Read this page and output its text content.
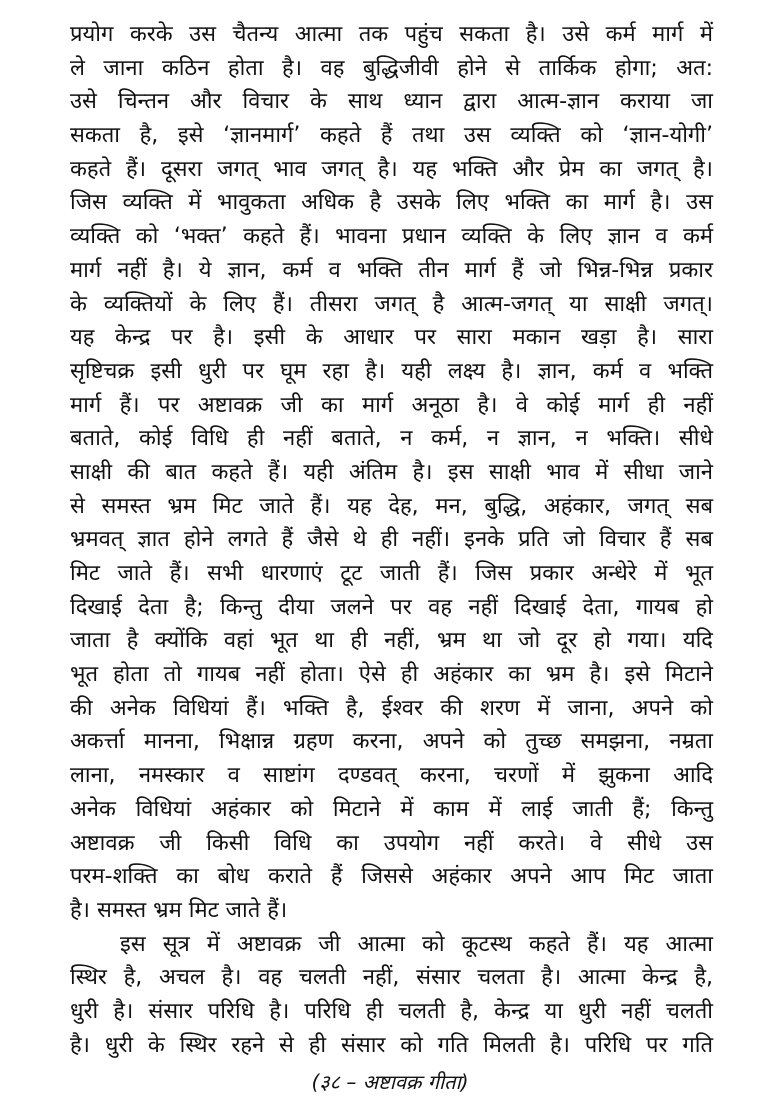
प्रयोग करके उस चैतन्य आत्मा तक पहुंच सकता है। उसे कर्म मार्ग में
ले जाना कठिन होता है। वह बुद्धिजीवी होने से तार्किक होगा; अत:
उसे चिन्तन और विचार के साथ ध्यान द्वारा आत्म-ज्ञान कराया जा
सकता है, इसे ‘ज्ञानमार्ग’ कहते हैं तथा उस व्यक्ति को ‘ज्ञान-योगी’
कहते हैं। दूसरा जगत् भाव जगत् है। यह भक्ति और प्रेम का जगत् है।
जिस व्यक्ति में भावुकता अधिक है उसके लिए भक्ति का मार्ग है। उस
व्यक्ति को ‘भक्त’ कहते हैं। भावना प्रधान व्यक्ति के लिए ज्ञान व कर्म
मार्ग नहीं है। ये ज्ञान, कर्म व भक्ति तीन मार्ग हैं जो भिन्न-भिन्न प्रकार
के व्यक्तियों के लिए हैं। तीसरा जगत् है आत्म-जगत् या साक्षी जगत्।
यह केन्द्र पर है। इसी के आधार पर सारा मकान खड़ा है। सारा
सृष्टिचक्र इसी धुरी पर घूम रहा है। यही लक्ष्य है। ज्ञान, कर्म व भक्ति
मार्ग हैं। पर अष्टावक्र जी का मार्ग अनूठा है। वे कोई मार्ग ही नहीं
बताते, कोई विधि ही नहीं बताते, न कर्म, न ज्ञान, न भक्ति। सीधे
साक्षी की बात कहते हैं। यही अंतिम है। इस साक्षी भाव में सीधा जाने
से समस्त भ्रम मिट जाते हैं। यह देह, मन, बुद्धि, अहंकार, जगत् सब
भ्रमवत् ज्ञात होने लगते हैं जैसे थे ही नहीं। इनके प्रति जो विचार हैं सब
मिट जाते हैं। सभी धारणाएं टूट जाती हैं। जिस प्रकार अन्धेरे में भूत
दिखाई देता है; किन्तु दीया जलने पर वह नहीं दिखाई देता, गायब हो
जाता है क्योंकि वहां भूत था ही नहीं, भ्रम था जो दूर हो गया। यदि
भूत होता तो गायब नहीं होता। ऐसे ही अहंकार का भ्रम है। इसे मिटाने
की अनेक विधियां हैं। भक्ति है, ईश्वर की शरण में जाना, अपने को
अकर्त्ता मानना, भिक्षान्न ग्रहण करना, अपने को तुच्छ समझना, नम्रता
लाना, नमस्कार व साष्टांग दण्डवत् करना, चरणों में झुकना आदि
अनेक विधियां अहंकार को मिटाने में काम में लाई जाती हैं; किन्तु
अष्टावक्र जी किसी विधि का उपयोग नहीं करते। वे सीधे उस
परम-शक्ति का बोध कराते हैं जिससे अहंकार अपने आप मिट जाता
है। समस्त भ्रम मिट जाते हैं।
इस सूत्र में अष्टावक्र जी आत्मा को कूटस्थ कहते हैं। यह आत्मा
स्थिर है, अचल है। वह चलती नहीं, संसार चलता है। आत्मा केन्द्र है,
धुरी है। संसार परिधि है। परिधि ही चलती है, केन्द्र या धुरी नहीं चलती
है। धुरी के स्थिर रहने से ही संसार को गति मिलती है। परिधि पर गति
(३८ – अष्टावक्र गीता)
